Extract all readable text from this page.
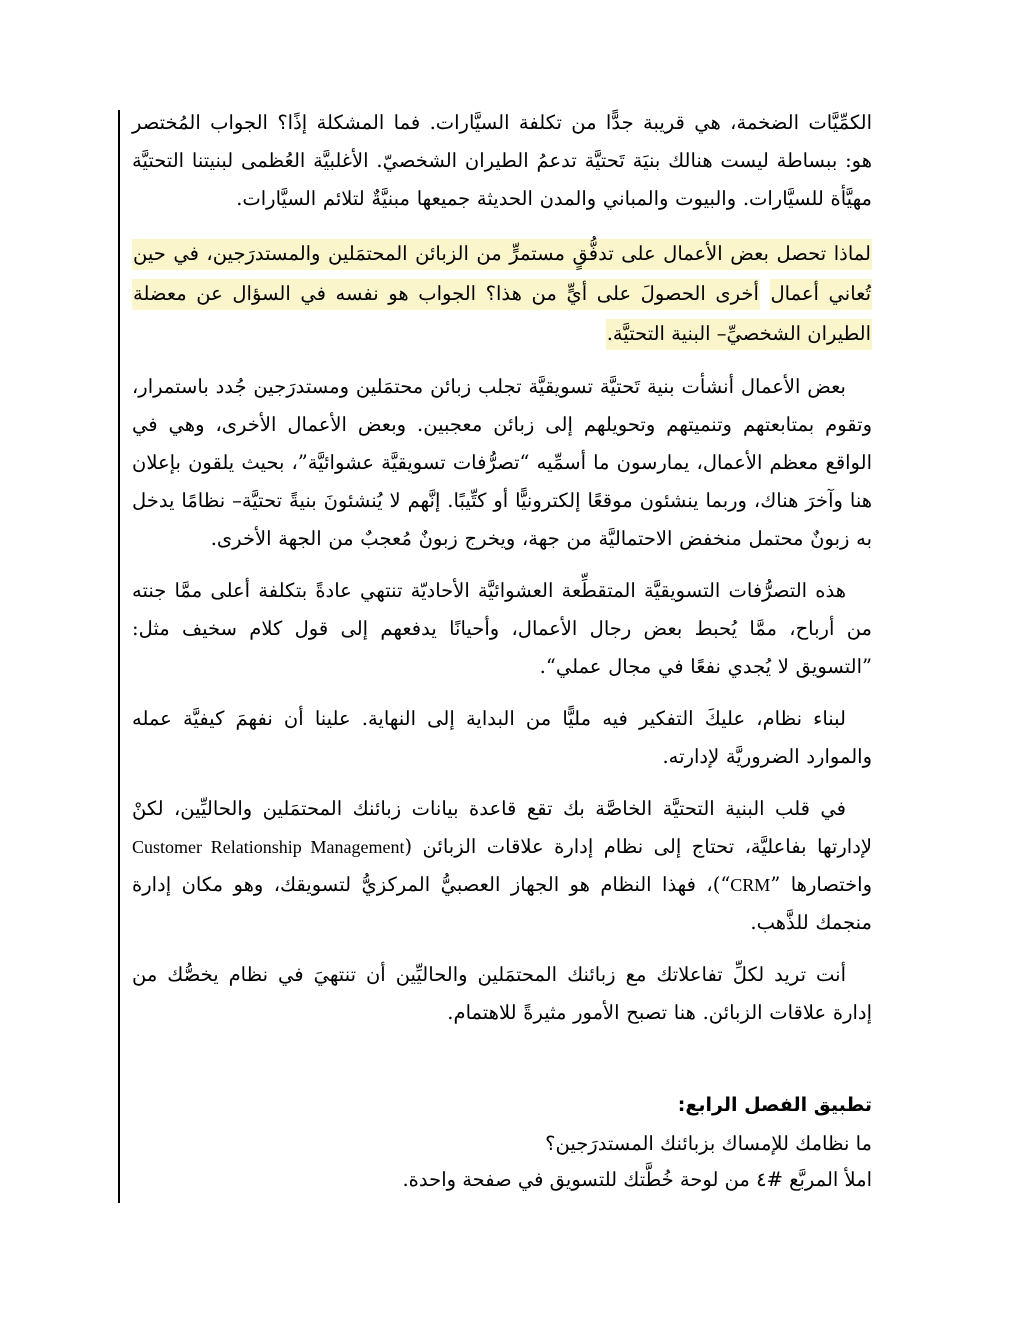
الكمِّيَّات الضخمة، هي قريبة جدًّا من تكلفة السيَّارات. فما المشكلة إذًا؟ الجواب المُختصر هو: ببساطة ليست هنالك بنيَة تَحتيَّة تدعمُ الطيران الشخصيّ. الأغلبيَّة العُظمى لبنيتنا التحتيَّة مهيَّأة للسيَّارات. والبيوت والمباني والمدن الحديثة جميعها مبنيَّةٌ لتلائم السيَّارات.

لماذا تحصل بعض الأعمال على تدفُّقٍ مستمرٍّ من الزبائن المحتمَلين والمستدرَجين، في حين تُعاني أعمال أخرى الحصولَ على أيٍّ من هذا؟ الجواب هو نفسه في السؤال عن معضلة الطيران الشخصيِّ– البنية التحتيَّة.

بعض الأعمال أنشأت بنية تَحتيَّة تسويقيَّة تجلب زبائن محتمَلين ومستدرَجين جُدد باستمرار، وتقوم بمتابعتهم وتنميتهم وتحويلهم إلى زبائن معجبين. وبعض الأعمال الأخرى، وهي في الواقع معظم الأعمال، يمارسون ما أسمِّيه “تصرُّفات تسويقيَّة عشوائيَّة”، بحيث يلقون بإعلان هنا وآخرَ هناك، وربما ينشئون موقعًا إلكترونيًّا أو كتِّيبًا. إنَّهم لا يُنشئونَ بنيةً تحتيَّة– نظامًا يدخل به زبونٌ محتمل منخفض الاحتماليَّة من جهة، ويخرج زبونٌ مُعجبٌ من الجهة الأخرى.

هذه التصرُّفات التسويقيَّة المتقطِّعة العشوائيَّة الأحاديّة تنتهي عادةً بتكلفة أعلى ممَّا جنته من أرباح، ممَّا يُحبط بعض رجال الأعمال، وأحيانًا يدفعهم إلى قول كلام سخيف مثل: ”التسويق لا يُجدي نفعًا في مجال عملي“.

لبناء نظام، عليكَ التفكير فيه مليًّا من البداية إلى النهاية. علينا أن نفهمَ كيفيَّة عمله والموارد الضروريَّة لإدارته.

في قلب البنية التحتيَّة الخاصَّة بك تقع قاعدة بيانات زبائنك المحتمَلين والحاليِّين، لكنْ لإدارتها بفاعليَّة، تحتاج إلى نظام إدارة علاقات الزبائن (Customer Relationship Management واختصارها ”CRM“)، فهذا النظام هو الجهاز العصبيُّ المركزيُّ لتسويقك، وهو مكان إدارة منجمك للذَّهب.

أنت تريد لكلِّ تفاعلاتك مع زبائنك المحتمَلين والحاليِّين أن تنتهيَ في نظام يخصُّك من إدارة علاقات الزبائن. هنا تصبح الأمور مثيرةً للاهتمام.

تطبيق الفصل الرابع:

ما نظامك للإمساك بزبائنك المستدرَجين؟

املأ المربَّع #٤ من لوحة خُطَّتك للتسويق في صفحة واحدة.
